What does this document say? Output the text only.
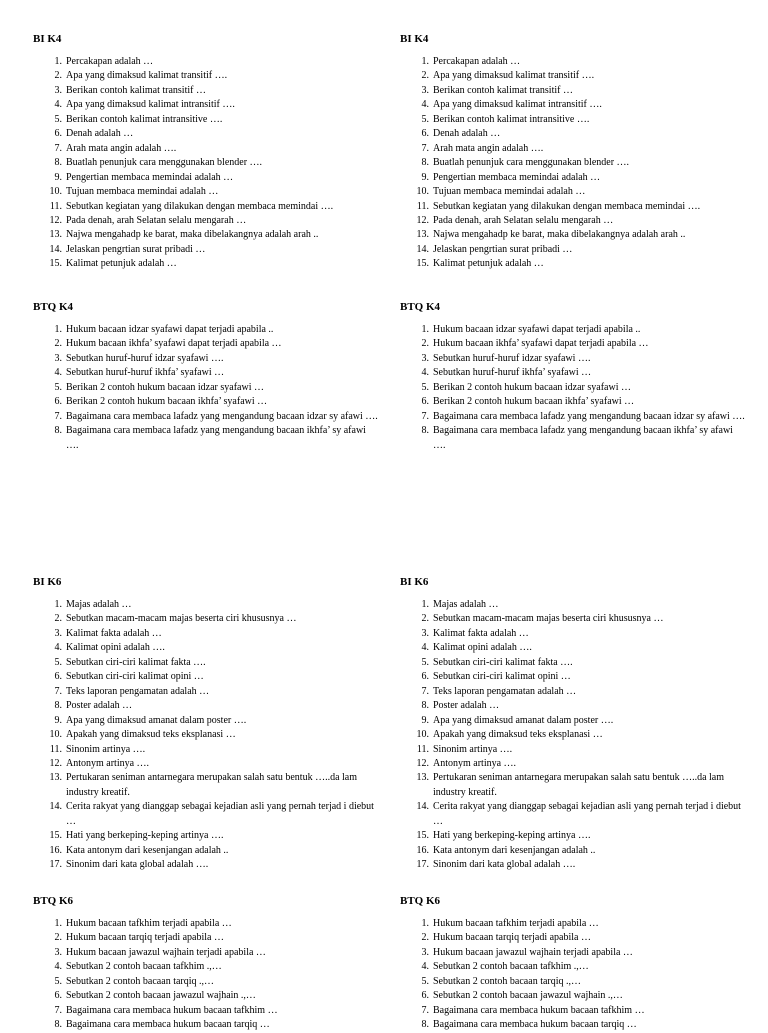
BI K4
1. Percakapan adalah …
2. Apa yang dimaksud kalimat transitif ….
3. Berikan contoh kalimat transitif …
4. Apa yang dimaksud kalimat intransitif ….
5. Berikan contoh kalimat intransitive ….
6. Denah adalah …
7. Arah mata angin adalah ….
8. Buatlah penunjuk cara menggunakan blender ….
9. Pengertian membaca memindai adalah …
10. Tujuan membaca memindai adalah …
11. Sebutkan kegiatan yang dilakukan dengan membaca memindai ….
12. Pada denah, arah Selatan selalu mengarah …
13. Najwa mengahadp ke barat, maka dibelakangnya adalah arah ..
14. Jelaskan pengrtian surat pribadi …
15. Kalimat petunjuk adalah …
BTQ K4
1. Hukum bacaan idzar syafawi dapat terjadi apabila ..
2. Hukum bacaan ikhfa’ syafawi dapat terjadi apabila …
3. Sebutkan huruf-huruf idzar syafawi ….
4. Sebutkan huruf-huruf ikhfa’ syafawi …
5. Berikan 2 contoh hukum bacaan idzar syafawi …
6. Berikan 2 contoh hukum bacaan ikhfa’ syafawi …
7. Bagaimana cara membaca lafadz yang mengandung bacaan idzar sy afawi ….
8. Bagaimana cara membaca lafadz yang mengandung bacaan ikhfa’ sy afawi ….
BI K6
1. Majas adalah …
2. Sebutkan macam-macam majas beserta ciri khususnya …
3. Kalimat fakta adalah …
4. Kalimat opini adalah ….
5. Sebutkan ciri-ciri kalimat fakta ….
6. Sebutkan ciri-ciri kalimat opini …
7. Teks laporan pengamatan adalah …
8. Poster adalah …
9. Apa yang dimaksud amanat dalam poster ….
10. Apakah yang dimaksud teks eksplanasi …
11. Sinonim artinya ….
12. Antonym artinya ….
13. Pertukaran seniman antarnegara merupakan salah satu bentuk …..da lam industry kreatif.
14. Cerita rakyat yang dianggap sebagai kejadian asli yang pernah terjad i diebut …
15. Hati yang berkeping-keping artinya ….
16. Kata antonym dari kesenjangan adalah ..
17. Sinonim dari kata global adalah ….
BTQ K6
1. Hukum bacaan tafkhim terjadi apabila …
2. Hukum bacaan tarqiq terjadi apabila …
3. Hukum bacaan jawazul wajhain terjadi apabila …
4. Sebutkan 2 contoh bacaan tafkhim .,…
5. Sebutkan 2 contoh bacaan tarqiq .,…
6. Sebutkan 2 contoh bacaan jawazul wajhain .,…
7. Bagaimana cara membaca hukum bacaan tafkhim …
8. Bagaimana cara membaca hukum bacaan tarqiq …
BI K4
1. Percakapan adalah …
2. Apa yang dimaksud kalimat transitif ….
3. Berikan contoh kalimat transitif …
4. Apa yang dimaksud kalimat intransitif ….
5. Berikan contoh kalimat intransitive ….
6. Denah adalah …
7. Arah mata angin adalah ….
8. Buatlah penunjuk cara menggunakan blender ….
9. Pengertian membaca memindai adalah …
10. Tujuan membaca memindai adalah …
11. Sebutkan kegiatan yang dilakukan dengan membaca memindai ….
12. Pada denah, arah Selatan selalu mengarah …
13. Najwa mengahadp ke barat, maka dibelakangnya adalah arah ..
14. Jelaskan pengrtian surat pribadi …
15. Kalimat petunjuk adalah …
BTQ K4
1. Hukum bacaan idzar syafawi dapat terjadi apabila ..
2. Hukum bacaan ikhfa’ syafawi dapat terjadi apabila …
3. Sebutkan huruf-huruf idzar syafawi ….
4. Sebutkan huruf-huruf ikhfa’ syafawi …
5. Berikan 2 contoh hukum bacaan idzar syafawi …
6. Berikan 2 contoh hukum bacaan ikhfa’ syafawi …
7. Bagaimana cara membaca lafadz yang mengandung bacaan idzar sy afawi ….
8. Bagaimana cara membaca lafadz yang mengandung bacaan ikhfa’ sy afawi ….
BI K6
1. Majas adalah …
2. Sebutkan macam-macam majas beserta ciri khususnya …
3. Kalimat fakta adalah …
4. Kalimat opini adalah ….
5. Sebutkan ciri-ciri kalimat fakta ….
6. Sebutkan ciri-ciri kalimat opini …
7. Teks laporan pengamatan adalah …
8. Poster adalah …
9. Apa yang dimaksud amanat dalam poster ….
10. Apakah yang dimaksud teks eksplanasi …
11. Sinonim artinya ….
12. Antonym artinya ….
13. Pertukaran seniman antarnegara merupakan salah satu bentuk …..da lam industry kreatif.
14. Cerita rakyat yang dianggap sebagai kejadian asli yang pernah terjad i diebut …
15. Hati yang berkeping-keping artinya ….
16. Kata antonym dari kesenjangan adalah ..
17. Sinonim dari kata global adalah ….
BTQ K6
1. Hukum bacaan tafkhim terjadi apabila …
2. Hukum bacaan tarqiq terjadi apabila …
3. Hukum bacaan jawazul wajhain terjadi apabila …
4. Sebutkan 2 contoh bacaan tafkhim .,…
5. Sebutkan 2 contoh bacaan tarqiq .,…
6. Sebutkan 2 contoh bacaan jawazul wajhain .,…
7. Bagaimana cara membaca hukum bacaan tafkhim …
8. Bagaimana cara membaca hukum bacaan tarqiq …
